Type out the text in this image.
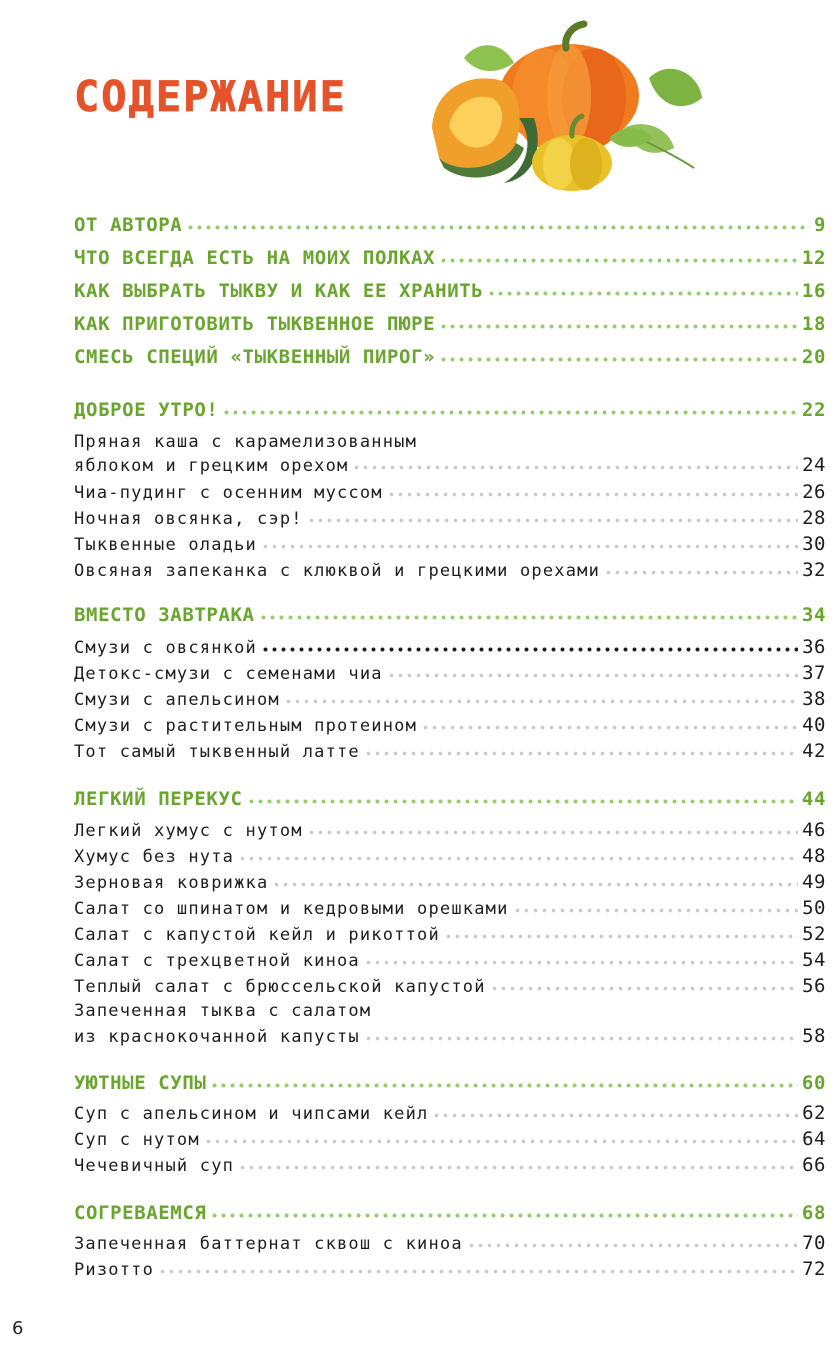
СОДЕРЖАНИЕ
ОТ АВТОРА	9
ЧТО ВСЕГДА ЕСТЬ НА МОИХ ПОЛКАХ	12
КАК ВЫБРАТЬ ТЫКВУ И КАК ЕЕ ХРАНИТЬ	16
КАК ПРИГОТОВИТЬ ТЫКВЕННОЕ ПЮРЕ	18
СМЕСЬ СПЕЦИЙ «ТЫКВЕННЫЙ ПИРОГ»	20
ДОБРОЕ УТРО!	22
Пряная каша с карамелизованным
яблоком и грецким орехом	24
Чиа-пудинг с осенним муссом	26
Ночная овсянка, сэр!	28
Тыквенные оладьи	30
Овсяная запеканка с клюквой и грецкими орехами	32
ВМЕСТО ЗАВТРАКА	34
Смузи с овсянкой	36
Детокс-смузи с семенами чиа	37
Смузи с апельсином	38
Смузи с растительным протеином	40
Тот самый тыквенный латте	42
ЛЕГКИЙ ПЕРЕКУС	44
Легкий хумус с нутом	46
Хумус без нута	48
Зерновая коврижка	49
Салат со шпинатом и кедровыми орешками	50
Салат с капустой кейл и рикоттой	52
Салат с трехцветной киноа	54
Теплый салат с брюссельской капустой	56
Запеченная тыква с салатом
из краснокочанной капусты	58
УЮТНЫЕ СУПЫ	60
Суп с апельсином и чипсами кейл	62
Суп с нутом	64
Чечевичный суп	66
СОГРЕВАЕМСЯ	68
Запеченная баттернат сквош с киноа	70
Ризотто	72
6
